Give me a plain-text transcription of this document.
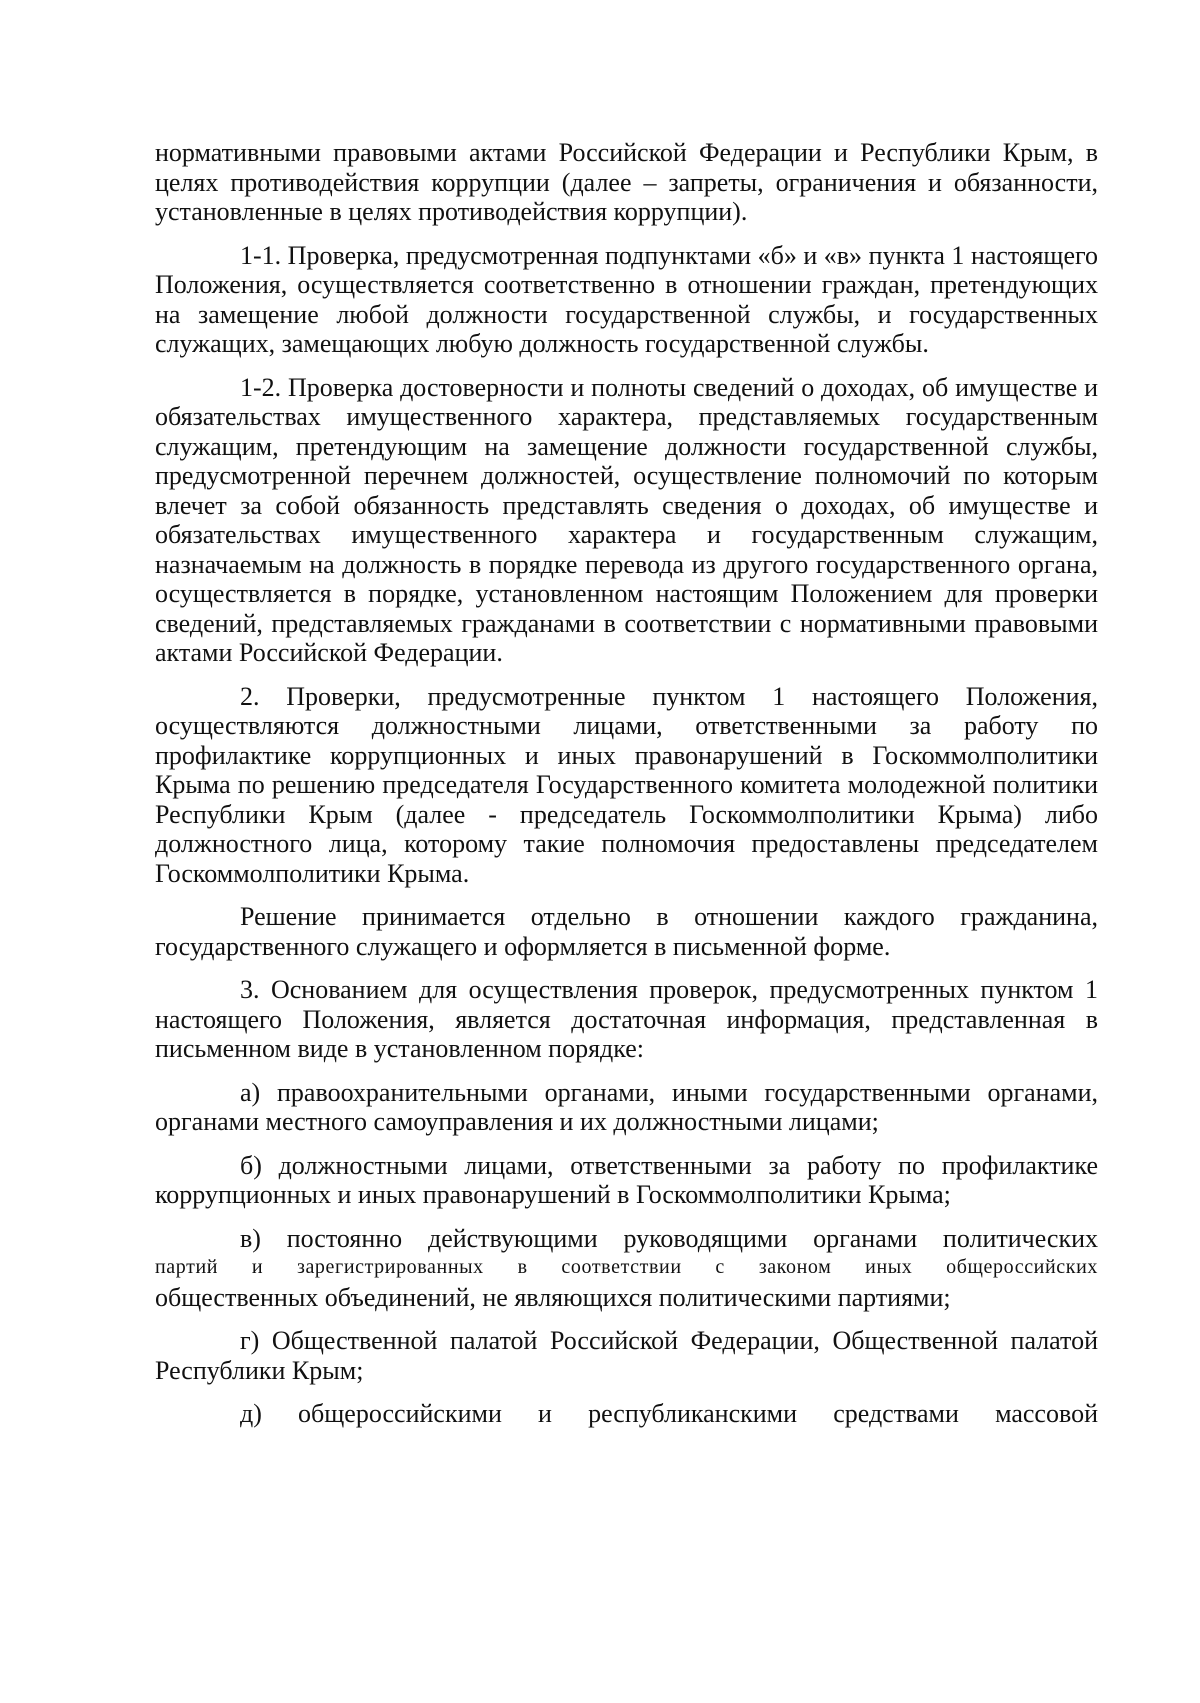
нормативными правовыми актами Российской Федерации и Республики Крым, в целях противодействия коррупции (далее – запреты, ограничения и обязанности, установленные в целях противодействия коррупции).

1-1. Проверка, предусмотренная подпунктами «б» и «в» пункта 1 настоящего Положения, осуществляется соответственно в отношении граждан, претендующих на замещение любой должности государственной службы, и государственных служащих, замещающих любую должность государственной службы.

1-2. Проверка достоверности и полноты сведений о доходах, об имуществе и обязательствах имущественного характера, представляемых государственным служащим, претендующим на замещение должности государственной службы, предусмотренной перечнем должностей, осуществление полномочий по которым влечет за собой обязанность представлять сведения о доходах, об имуществе и обязательствах имущественного характера и государственным служащим, назначаемым на должность в порядке перевода из другого государственного органа, осуществляется в порядке, установленном настоящим Положением для проверки сведений, представляемых гражданами в соответствии с нормативными правовыми актами Российской Федерации.

2. Проверки, предусмотренные пунктом 1 настоящего Положения, осуществляются должностными лицами, ответственными за работу по профилактике коррупционных и иных правонарушений в Госкоммолполитики Крыма по решению председателя Государственного комитета молодежной политики Республики Крым (далее - председатель Госкоммолполитики Крыма) либо должностного лица, которому такие полномочия предоставлены председателем Госкоммолполитики Крыма.

Решение принимается отдельно в отношении каждого гражданина, государственного служащего и оформляется в письменной форме.

3. Основанием для осуществления проверок, предусмотренных пунктом 1 настоящего Положения, является достаточная информация, представленная в письменном виде в установленном порядке:

а) правоохранительными органами, иными государственными органами, органами местного самоуправления и их должностными лицами;

б) должностными лицами, ответственными за работу по профилактике коррупционных и иных правонарушений в Госкоммолполитики Крыма;

в) постоянно действующими руководящими органами политических

партий и зарегистрированных в соответствии с законом иных общероссийских

общественных объединений, не являющихся политическими партиями;

г) Общественной палатой Российской Федерации, Общественной палатой Республики Крым;

д) общероссийскими и республиканскими средствами массовой
